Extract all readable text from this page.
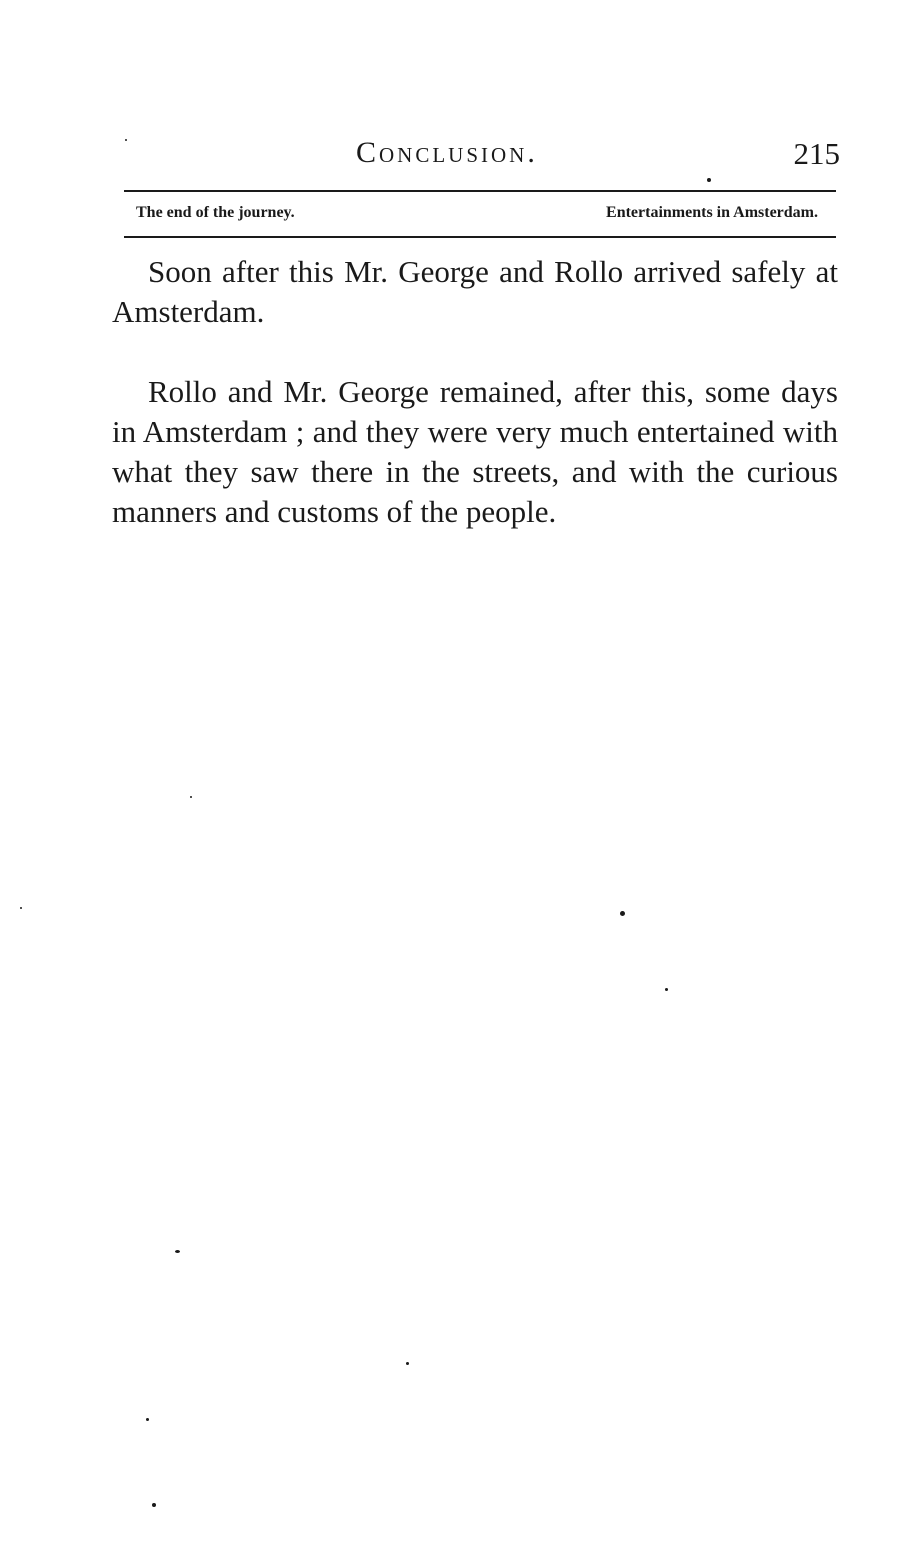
Conclusion.	215
The end of the journey.	Entertainments in Amsterdam.

Soon after this Mr. George and Rollo arrived safely at Amsterdam.

Rollo and Mr. George remained, after this, some days in Amsterdam ; and they were very much entertained with what they saw there in the streets, and with the curious manners and customs of the people.
